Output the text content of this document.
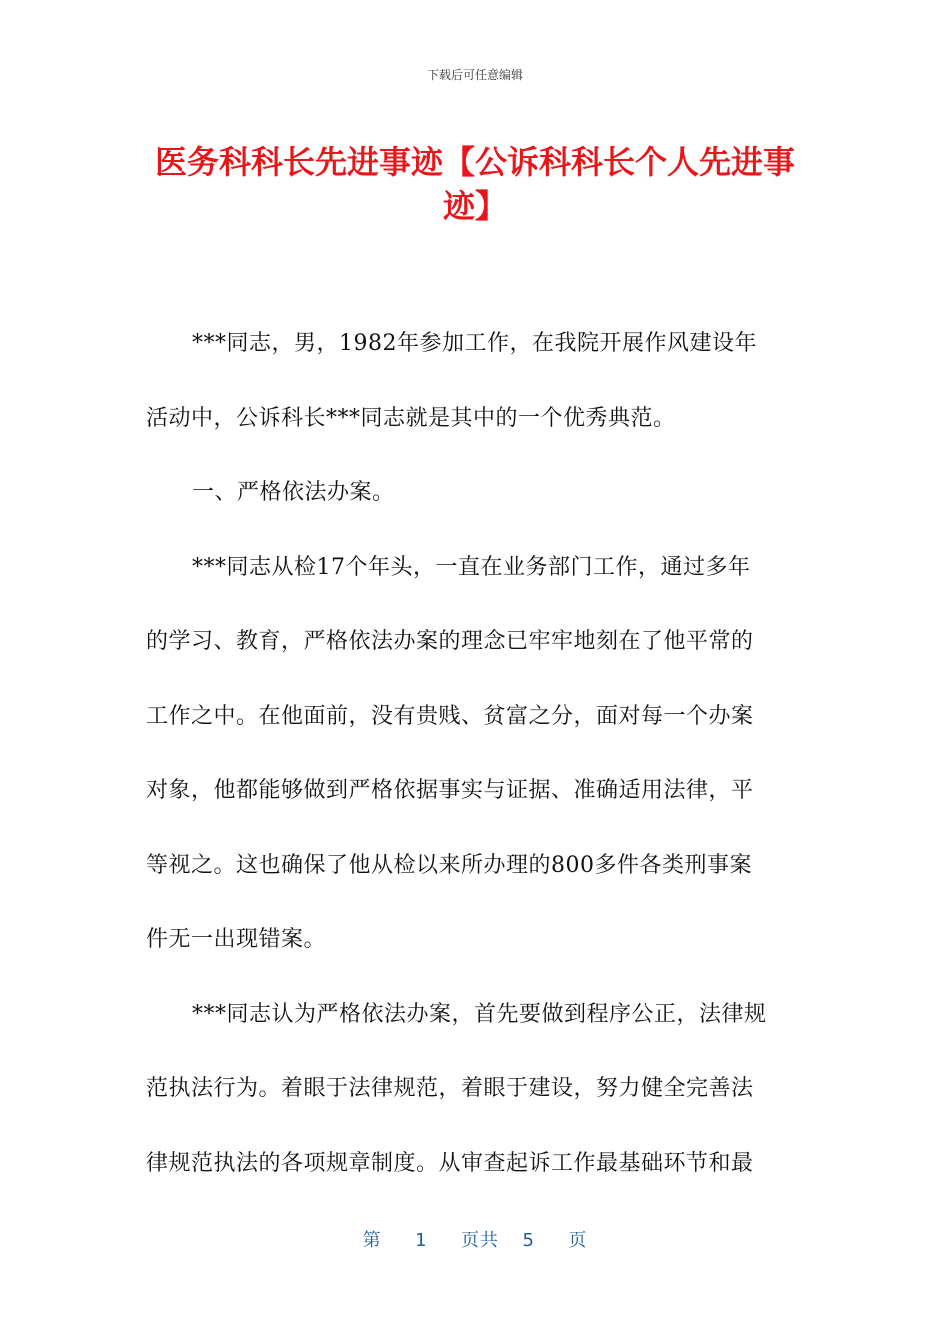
下载后可任意编辑
医务科科长先进事迹【公诉科科长个人先进事迹】
***同志，男，1982年参加工作，在我院开展作风建设年
活动中，公诉科长***同志就是其中的一个优秀典范。
一、严格依法办案。
***同志从检17个年头，一直在业务部门工作，通过多年
的学习、教育，严格依法办案的理念已牢牢地刻在了他平常的
工作之中。在他面前，没有贵贱、贫富之分，面对每一个办案
对象，他都能够做到严格依据事实与证据、准确适用法律，平
等视之。这也确保了他从检以来所办理的800多件各类刑事案
件无一出现错案。
***同志认为严格依法办案，首先要做到程序公正，法律规
范执法行为。着眼于法律规范，着眼于建设，努力健全完善法
律规范执法的各项规章制度。从审查起诉工作最基础环节和最
第 1 页共 5 页
